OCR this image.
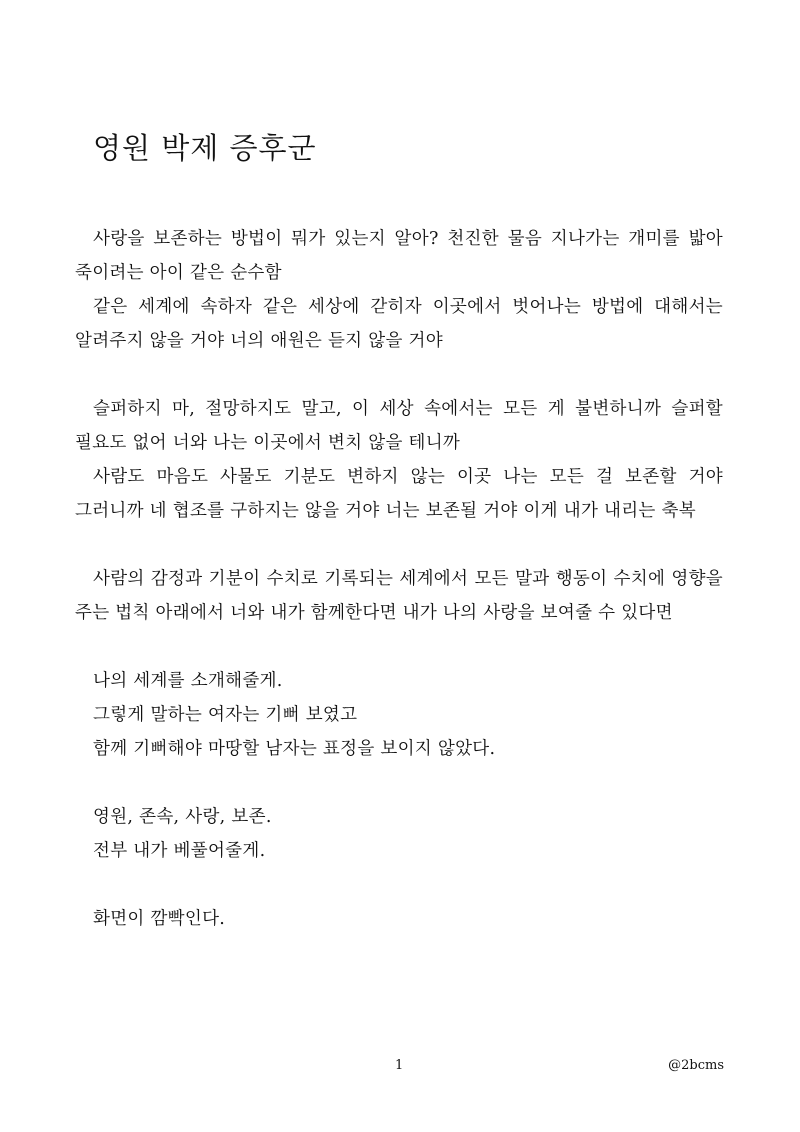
영원 박제 증후군

사랑을 보존하는 방법이 뭐가 있는지 알아? 천진한 물음 지나가는 개미를 밟아 죽이려는 아이 같은 순수함

같은 세계에 속하자 같은 세상에 갇히자 이곳에서 벗어나는 방법에 대해서는 알려주지 않을 거야 너의 애원은 듣지 않을 거야

슬퍼하지 마, 절망하지도 말고, 이 세상 속에서는 모든 게 불변하니까 슬퍼할 필요도 없어 너와 나는 이곳에서 변치 않을 테니까

사람도 마음도 사물도 기분도 변하지 않는 이곳 나는 모든 걸 보존할 거야 그러니까 네 협조를 구하지는 않을 거야 너는 보존될 거야 이게 내가 내리는 축복

사람의 감정과 기분이 수치로 기록되는 세계에서 모든 말과 행동이 수치에 영향을 주는 법칙 아래에서 너와 내가 함께한다면 내가 나의 사랑을 보여줄 수 있다면

나의 세계를 소개해줄게.

그렇게 말하는 여자는 기뻐 보였고

함께 기뻐해야 마땅할 남자는 표정을 보이지 않았다.

영원, 존속, 사랑, 보존.

전부 내가 베풀어줄게.

화면이 깜빡인다.

1	@2bcms
